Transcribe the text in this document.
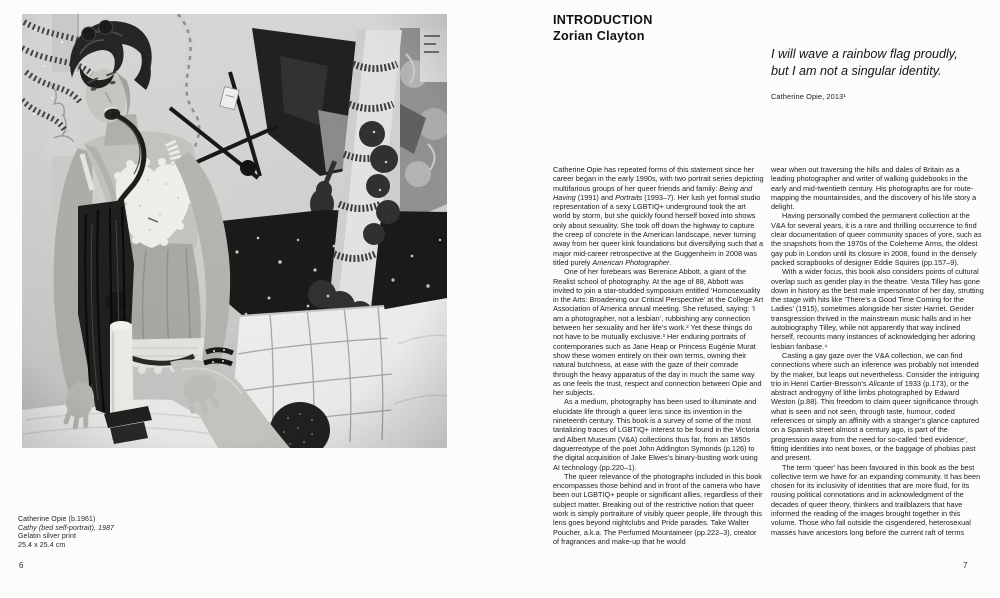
Catherine Opie (b.1961)
Cathy (bed self-portrait), 1987
Gelatin silver print
25.4 x 25.4 cm
6
INTRODUCTION
Zorian Clayton
I will wave a rainbow flag proudly,
but I am not a singular identity.
Catherine Opie, 2013¹

Catherine Opie has repeated forms of this statement since her career began in the early 1990s, with two portrait series depicting multifarious groups of her queer friends and family: Being and Having (1991) and Portraits (1993–7). Her lush yet formal studio representation of a sexy LGBTIQ+ underground took the art world by storm, but she quickly found herself boxed into shows only about sexuality. She took off down the highway to capture the creep of concrete in the American landscape, never turning away from her queer kink foundations but diversifying such that a major mid-career retrospective at the Guggenheim in 2008 was titled purely American Photographer.

One of her forebears was Berenice Abbott, a giant of the Realist school of photography. At the age of 88, Abbott was invited to join a star-studded symposium entitled ‘Homosexuality in the Arts: Broadening our Critical Perspective’ at the College Art Association of America annual meeting. She refused, saying: ‘I am a photographer, not a lesbian’, rubbishing any connection between her sexuality and her life’s work.² Yet these things do not have to be mutually exclusive.³ Her enduring portraits of contemporaries such as Jane Heap or Princess Eugénie Murat show these women entirely on their own terms, owning their natural butchness, at ease with the gaze of their comrade through the heavy apparatus of the day in much the same way as one feels the trust, respect and connection between Opie and her subjects.

As a medium, photography has been used to illuminate and elucidate life through a queer lens since its invention in the nineteenth century. This book is a survey of some of the most tantalizing traces of LGBTIQ+ interest to be found in the Victoria and Albert Museum (V&A) collections thus far, from an 1850s daguerreotype of the poet John Addington Symonds (p.126) to the digital acquisition of Jake Elwes’s binary-busting work using AI technology (pp.220–1).

The queer relevance of the photographs included in this book encompasses those behind and in front of the camera who have been out LGBTIQ+ people or significant allies, regardless of their subject matter. Breaking out of the restrictive notion that queer work is simply portraiture of visibly queer people, life through this lens goes beyond nightclubs and Pride parades. Take Walter Poucher, a.k.a. The Perfumed Mountaineer (pp.222–3), creator of fragrances and make-up that he would

wear when out traversing the hills and dales of Britain as a leading photographer and writer of walking guidebooks in the early and mid-twentieth century. His photographs are for route-mapping the mountainsides, and the discovery of his life story a delight.

Having personally combed the permanent collection at the V&A for several years, it is a rare and thrilling occurrence to find clear documentation of queer community spaces of yore, such as the snapshots from the 1970s of the Coleherne Arms, the oldest gay pub in London until its closure in 2008, found in the densely packed scrapbooks of designer Eddie Squires (pp.157–9).

With a wider focus, this book also considers points of cultural overlap such as gender play in the theatre. Vesta Tilley has gone down in history as the best male impersonator of her day, strutting the stage with hits like ‘There’s a Good Time Coming for the Ladies’ (1915), sometimes alongside her sister Harriet. Gender transgression thrived in the mainstream music halls and in her autobiography Tilley, while not apparently that way inclined herself, recounts many instances of acknowledging her adoring lesbian fanbase.⁴

Casting a gay gaze over the V&A collection, we can find connections where such an inference was probably not intended by the maker, but leaps out nevertheless. Consider the intriguing trio in Henri Cartier-Bresson’s Alicante of 1933 (p.173), or the abstract androgyny of lithe limbs photographed by Edward Weston (p.88). This freedom to claim queer significance through what is seen and not seen, through taste, humour, coded references or simply an affinity with a stranger’s glance captured on a Spanish street almost a century ago, is part of the progression away from the need for so-called ‘bed evidence’, fitting identities into neat boxes, or the baggage of phobias past and present.

The term ‘queer’ has been favoured in this book as the best collective term we have for an expanding community. It has been chosen for its inclusivity of identities that are more fluid, for its rousing political connotations and in acknowledgment of the decades of queer theory, thinkers and trailblazers that have informed the reading of the images brought together in this volume. Those who fall outside the cisgendered, heterosexual masses have ancestors long before the current raft of terms

7
